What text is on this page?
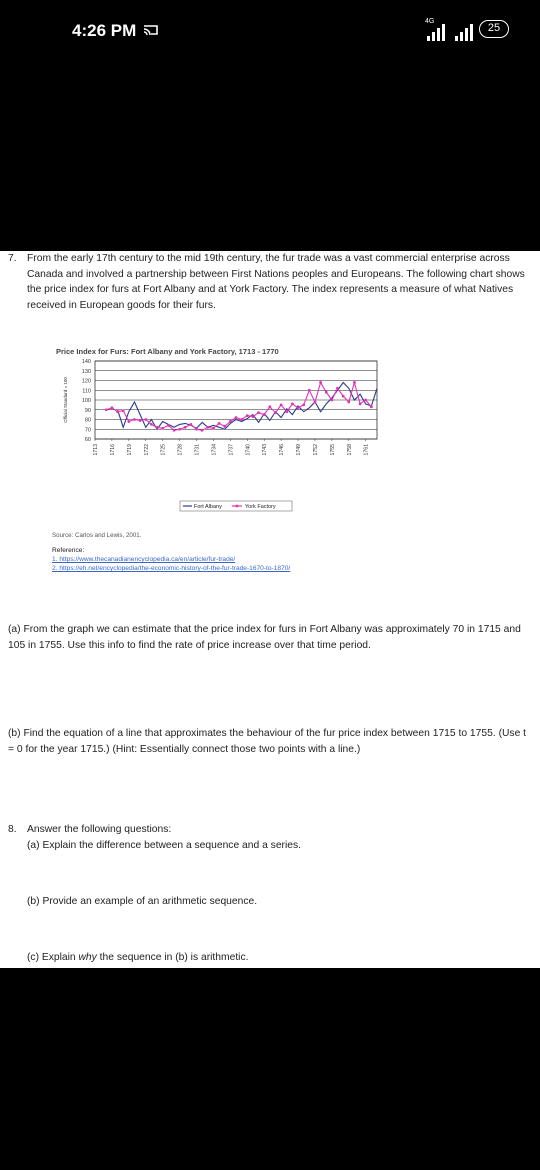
4:26 PM	4G
25
7. From the early 17th century to the mid 19th century, the fur trade was a vast commercial enterprise across Canada and involved a partnership between First Nations peoples and Europeans. The following chart shows the price index for furs at Fort Albany and at York Factory. The index represents a measure of what Natives received in European goods for their furs.
Price Index for Furs: Fort Albany and York Factory, 1713 - 1770
140
130
120
110
100
90
80
70
60
Official Standard = 100
1713 1716 1719 1722 1725 1728 1731 1734 1737 1740 1743 1746 1749 1752 1755 1758 1761
Fort Albany	York Factory
Source: Carlos and Lewis, 2001.
Reference:
1. https://www.thecanadianencyclopedia.ca/en/article/fur-trade/
2. https://eh.net/encyclopedia/the-economic-history-of-the-fur-trade-1670-to-1870/
(a) From the graph we can estimate that the price index for furs in Fort Albany was approximately 70 in 1715 and 105 in 1755. Use this info to find the rate of price increase over that time period.
(b) Find the equation of a line that approximates the behaviour of the fur price index between 1715 to 1755. (Use t = 0 for the year 1715.) (Hint: Essentially connect those two points with a line.)
8. Answer the following questions:
(a) Explain the difference between a sequence and a series.
(b) Provide an example of an arithmetic sequence.
(c) Explain why the sequence in (b) is arithmetic.
